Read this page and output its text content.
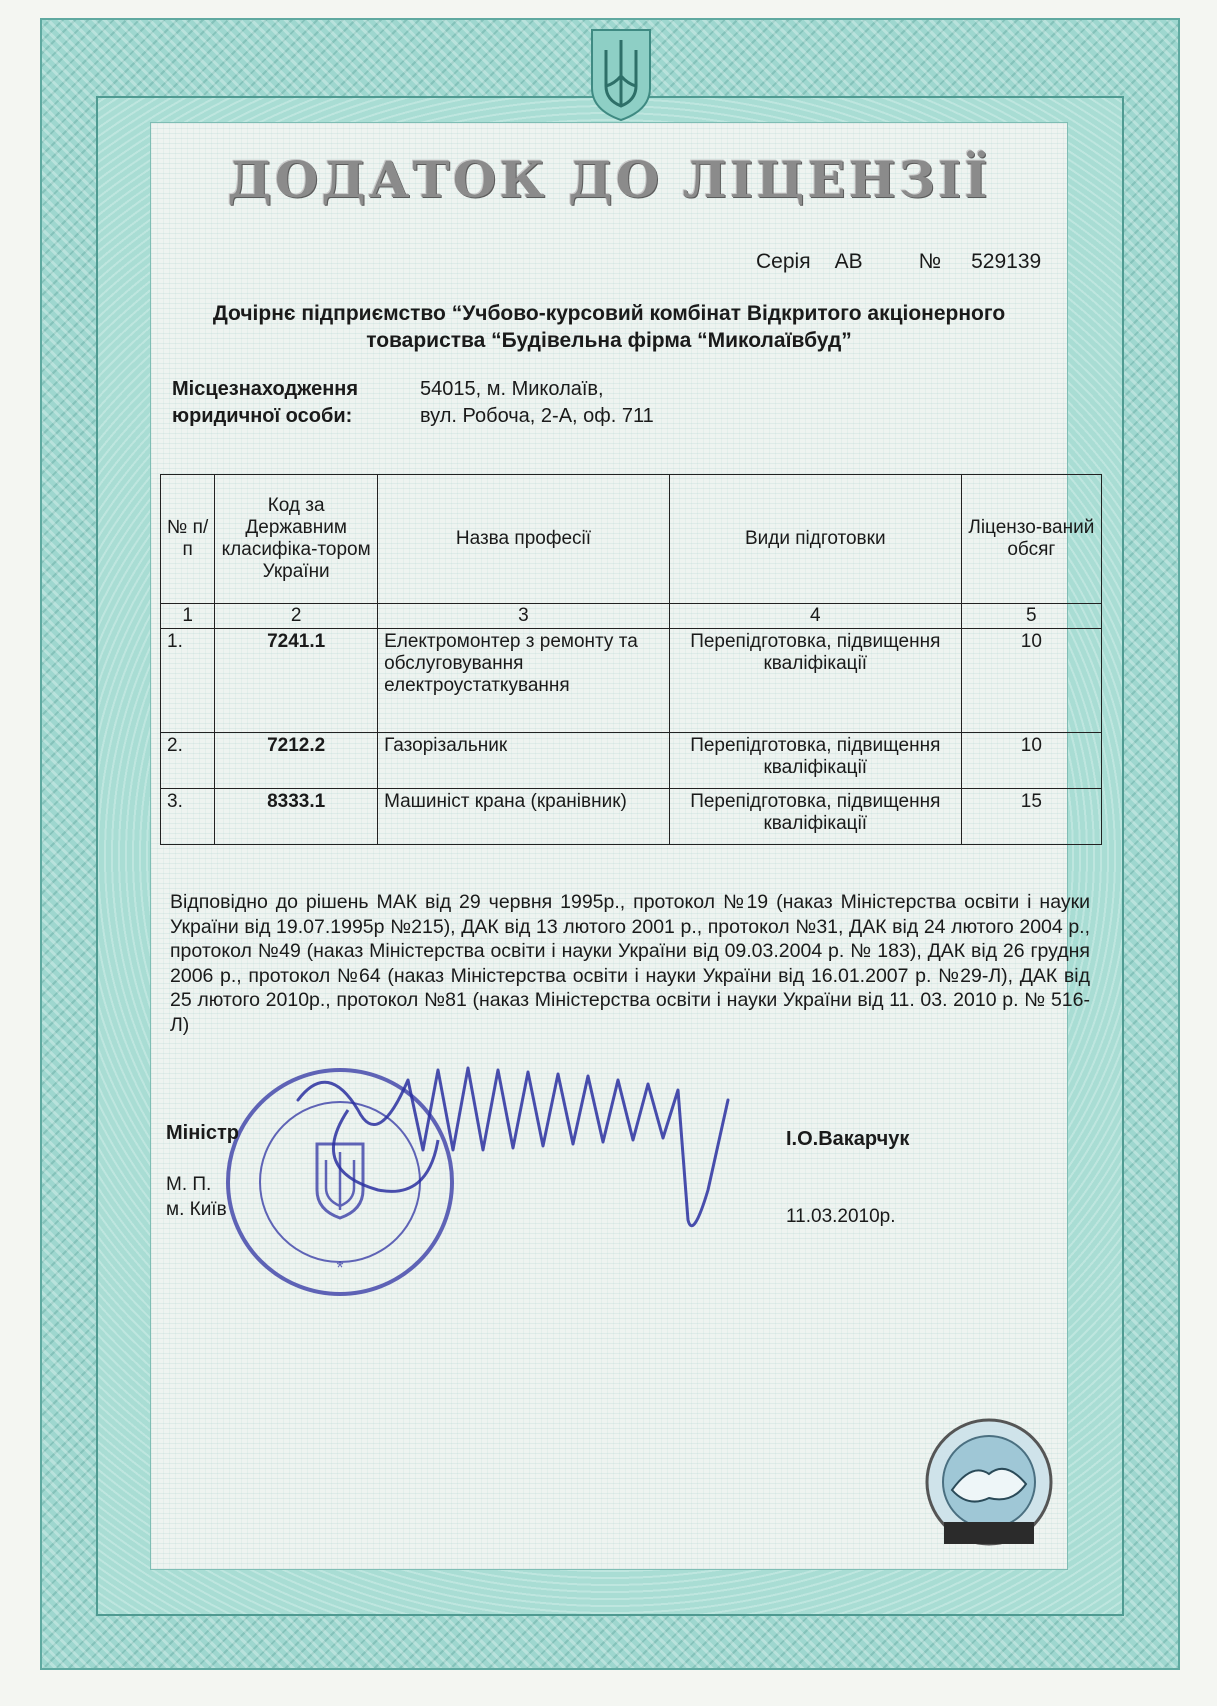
ДОДАТОК ДО ЛІЦЕНЗІЇ
Серія АВ	№ 529139
Дочірнє підприємство “Учбово-курсовий комбінат Відкритого акціонерного
товариства “Будівельна фірма “Миколаївбуд”
Місцезнаходження
юридичної особи:
54015, м. Миколаїв,
вул. Робоча, 2-А, оф. 711
№ п/п	Код за Державним класифіка-тором України	Назва професії	Види підготовки	Ліцензо-ваний обсяг
1	2	3	4	5
1.	7241.1	Електромонтер з ремонту та обслуговування електроустаткування	Перепідготовка, підвищення кваліфікації	10
2.	7212.2	Газорізальник	Перепідготовка, підвищення кваліфікації	10
3.	8333.1	Машиніст крана (кранівник)	Перепідготовка, підвищення кваліфікації	15
Відповідно до рішень МАК від 29 червня 1995р., протокол №19 (наказ Міністерства освіти і науки України від 19.07.1995р №215), ДАК від 13 лютого 2001 р., протокол №31, ДАК від 24 лютого 2004 р., протокол №49 (наказ Міністерства освіти і науки України від 09.03.2004 р. № 183), ДАК від 26 грудня 2006 р., протокол №64 (наказ Міністерства освіти і науки України від 16.01.2007 р. №29-Л), ДАК від 25 лютого 2010р., протокол №81 (наказ Міністерства освіти і науки України від 11. 03. 2010 р. № 516-Л)
*
Міністр
М. П.
м. Київ
І.О.Вакарчук
11.03.2010р.
